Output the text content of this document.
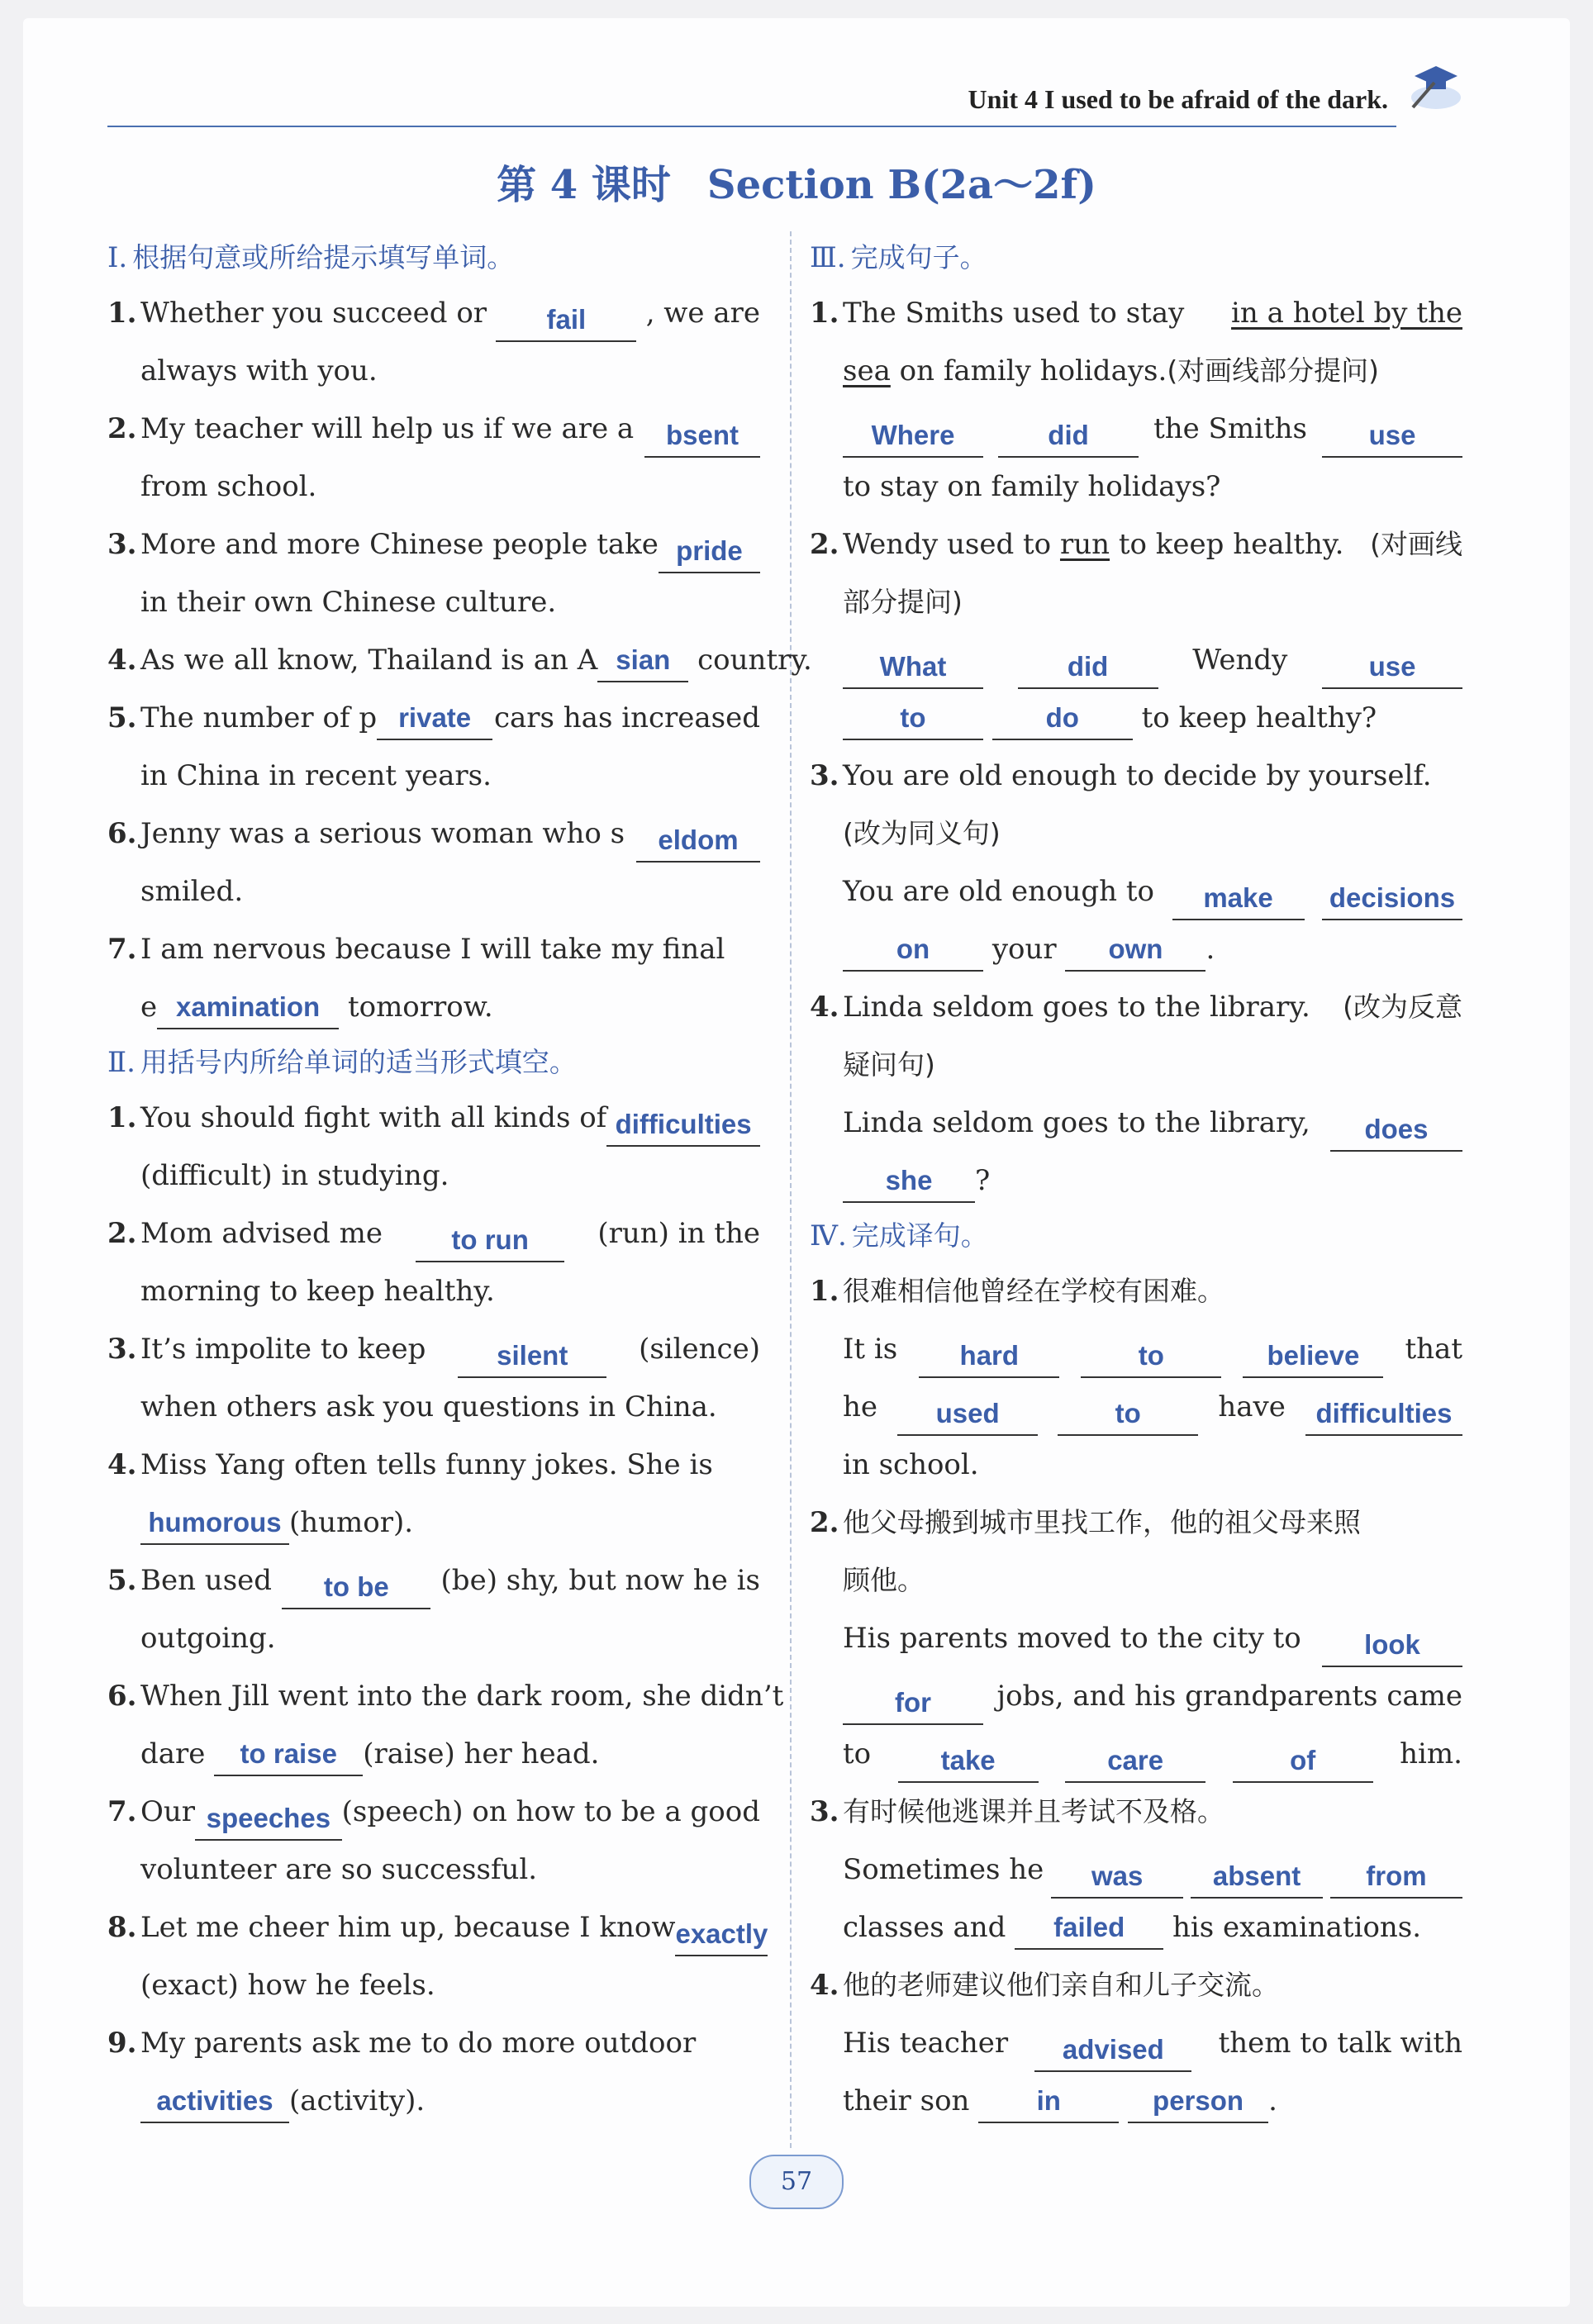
Unit 4 I used to be afraid of the dark.
第 4 课时 Section B(2a～2f)
Ⅰ. 根据句意或所给提示填写单词。
1. Whether you succeed or	fail	, we are
always with you.
2. My teacher will help us if we are a	bsent
from school.
3. More and more Chinese people take pride
in their own Chinese culture.
4. As we all know, Thailand is an A sian country.
5. The number of p rivate cars has increased
in China in recent years.
6. Jenny was a serious woman who s	eldom
smiled.
7. I am nervous because I will take my final
e xamination tomorrow.
Ⅱ. 用括号内所给单词的适当形式填空。
1. You should fight with all kinds of difficulties
(difficult) in studying.
2. Mom advised me	to run	(run) in the
morning to keep healthy.
3. It’s impolite to keep	silent	(silence)
when others ask you questions in China.
4. Miss Yang often tells funny jokes. She is
humorous (humor).
5. Ben used	to be	(be) shy, but now he is
outgoing.
6. When Jill went into the dark room, she didn’t
dare to raise (raise) her head.
7. Our speeches (speech) on how to be a good
volunteer are so successful.
8. Let me cheer him up, because I know exactly
(exact) how he feels.
9. My parents ask me to do more outdoor
activities (activity).
Ⅲ. 完成句子。
1. The Smiths used to stay in a hotel by the
sea on family holidays.(对画线部分提问)
Where	did	the Smiths	use
to stay on family holidays?
2. Wendy used to run to keep healthy. (对画线
部分提问)
What	did	Wendy	use
to	do to keep healthy?
3. You are old enough to decide by yourself.
(改为同义句)
You are old enough to	make	decisions
on your own .
4. Linda seldom goes to the library. (改为反意
疑问句)
Linda seldom goes to the library,	does
she ?
Ⅳ. 完成译句。
1. 很难相信他曾经在学校有困难。
It is	hard	to	believe	that
he	used	to	have	difficulties
in school.
2. 他父母搬到城市里找工作，他的祖父母来照
顾他。
His parents moved to the city to	look
for	jobs, and his grandparents came
to	take	care	of	him.
3. 有时候他逃课并且考试不及格。
Sometimes he	was	absent	from
classes and failed his examinations.
4. 他的老师建议他们亲自和儿子交流。
His teacher	advised	them to talk with
their son in	person .
57
